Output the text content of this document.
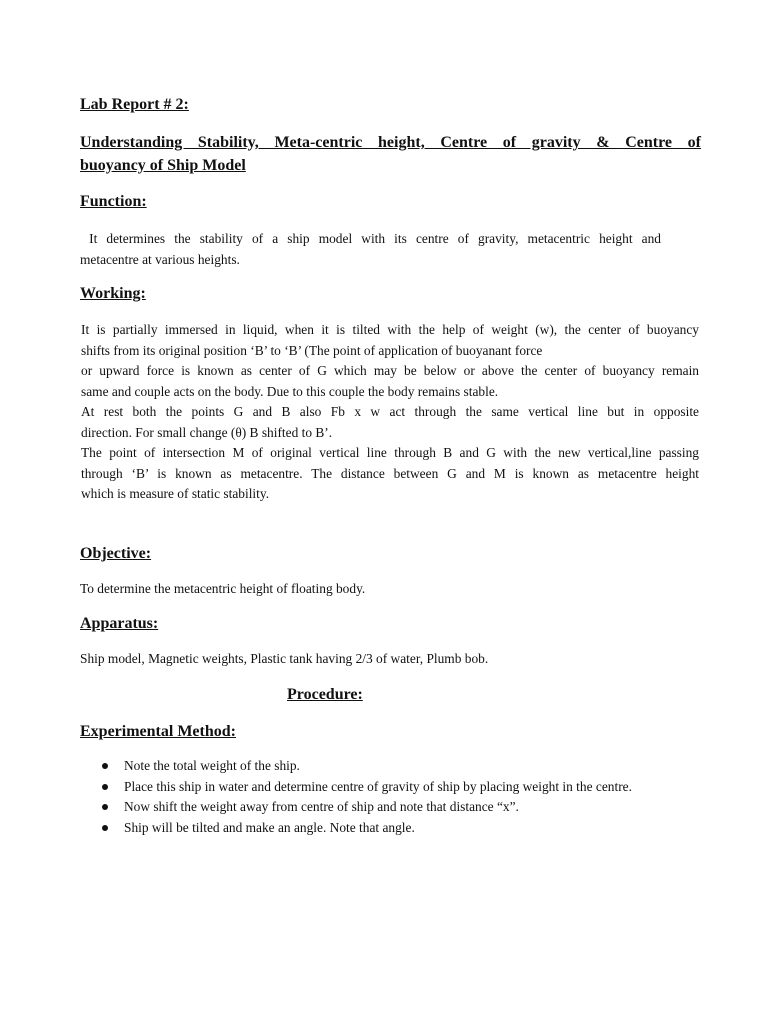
Lab Report # 2:
Understanding Stability, Meta-centric height, Centre of gravity & Centre of
buoyancy of Ship Model
Function:
It determines the stability of a ship model with its centre of gravity, metacentric height and
metacentre at various heights.
Working:
It is partially immersed in liquid, when it is tilted with the help of weight (w), the center of buoyancy
shifts from its original position ‘B’ to ‘B’ (The point of application of buoyanant force
or upward force is known as center of G which may be below or above the center of buoyancy remain
same and couple acts on the body. Due to this couple the body remains stable.
At rest both the points G and B also Fb x w act through the same vertical line but in opposite
direction. For small change (θ) B shifted to B’.
The point of intersection M of original vertical line through B and G with the new vertical,line passing
through ‘B’ is known as metacentre. The distance between G and M is known as metacentre height
which is measure of static stability.
Objective:
To determine the metacentric height of floating body.
Apparatus:
Ship model, Magnetic weights, Plastic tank having 2/3 of water, Plumb bob.
Procedure:
Experimental Method:
Note the total weight of the ship.
Place this ship in water and determine centre of gravity of ship by placing weight in the centre.
Now shift the weight away from centre of ship and note that distance “x”.
Ship will be tilted and make an angle. Note that angle.
